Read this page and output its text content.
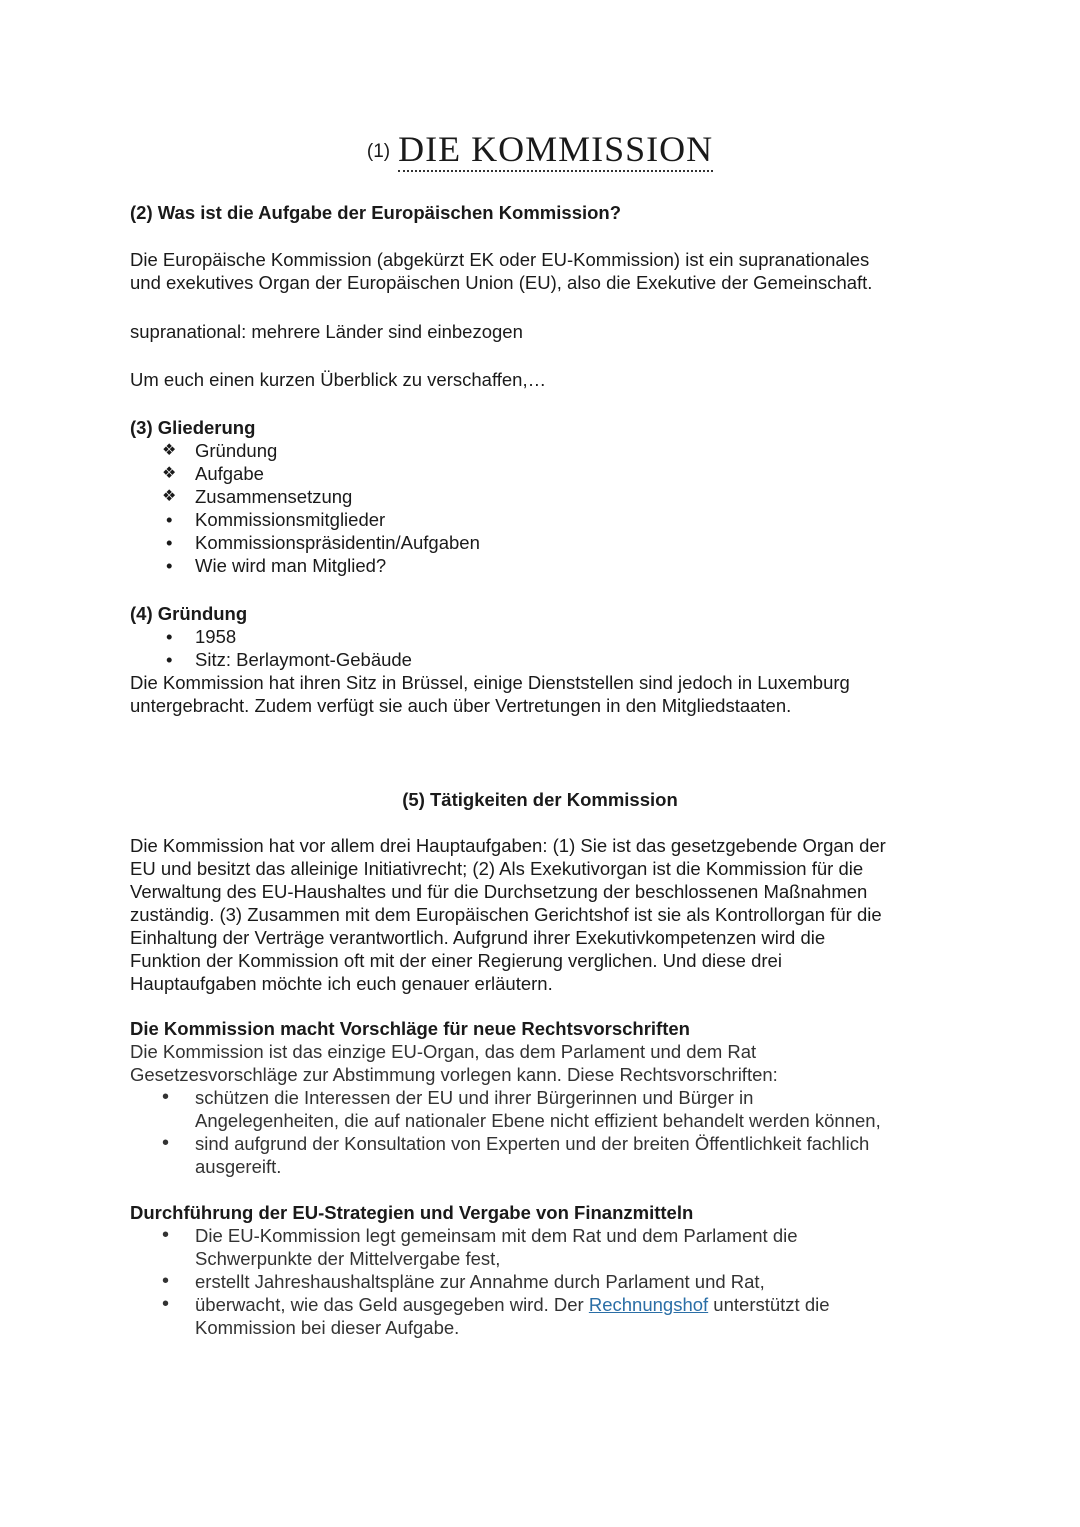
(1) DIE KOMMISSION
(2) Was ist die Aufgabe der Europäischen Kommission?
Die Europäische Kommission (abgekürzt EK oder EU-Kommission) ist ein supranationales
und exekutives Organ der Europäischen Union (EU), also die Exekutive der Gemeinschaft.
supranational: mehrere Länder sind einbezogen
Um euch einen kurzen Überblick zu verschaffen,…
(3) Gliederung
❖ Gründung
❖ Aufgabe
❖ Zusammensetzung
• Kommissionsmitglieder
• Kommissionspräsidentin/Aufgaben
• Wie wird man Mitglied?
(4) Gründung
• 1958
• Sitz: Berlaymont-Gebäude
Die Kommission hat ihren Sitz in Brüssel, einige Dienststellen sind jedoch in Luxemburg
untergebracht. Zudem verfügt sie auch über Vertretungen in den Mitgliedstaaten.
(5) Tätigkeiten der Kommission
Die Kommission hat vor allem drei Hauptaufgaben: (1) Sie ist das gesetzgebende Organ der
EU und besitzt das alleinige Initiativrecht; (2) Als Exekutivorgan ist die Kommission für die
Verwaltung des EU-Haushaltes und für die Durchsetzung der beschlossenen Maßnahmen
zuständig. (3) Zusammen mit dem Europäischen Gerichtshof ist sie als Kontrollorgan für die
Einhaltung der Verträge verantwortlich. Aufgrund ihrer Exekutivkompetenzen wird die
Funktion der Kommission oft mit der einer Regierung verglichen. Und diese drei
Hauptaufgaben möchte ich euch genauer erläutern.
Die Kommission macht Vorschläge für neue Rechtsvorschriften
Die Kommission ist das einzige EU-Organ, das dem Parlament und dem Rat
Gesetzesvorschläge zur Abstimmung vorlegen kann. Diese Rechtsvorschriften:
• schützen die Interessen der EU und ihrer Bürgerinnen und Bürger in
Angelegenheiten, die auf nationaler Ebene nicht effizient behandelt werden können,
• sind aufgrund der Konsultation von Experten und der breiten Öffentlichkeit fachlich
ausgereift.
Durchführung der EU-Strategien und Vergabe von Finanzmitteln
• Die EU-Kommission legt gemeinsam mit dem Rat und dem Parlament die
Schwerpunkte der Mittelvergabe fest,
• erstellt Jahreshaushaltspläne zur Annahme durch Parlament und Rat,
• überwacht, wie das Geld ausgegeben wird. Der Rechnungshof unterstützt die
Kommission bei dieser Aufgabe.
